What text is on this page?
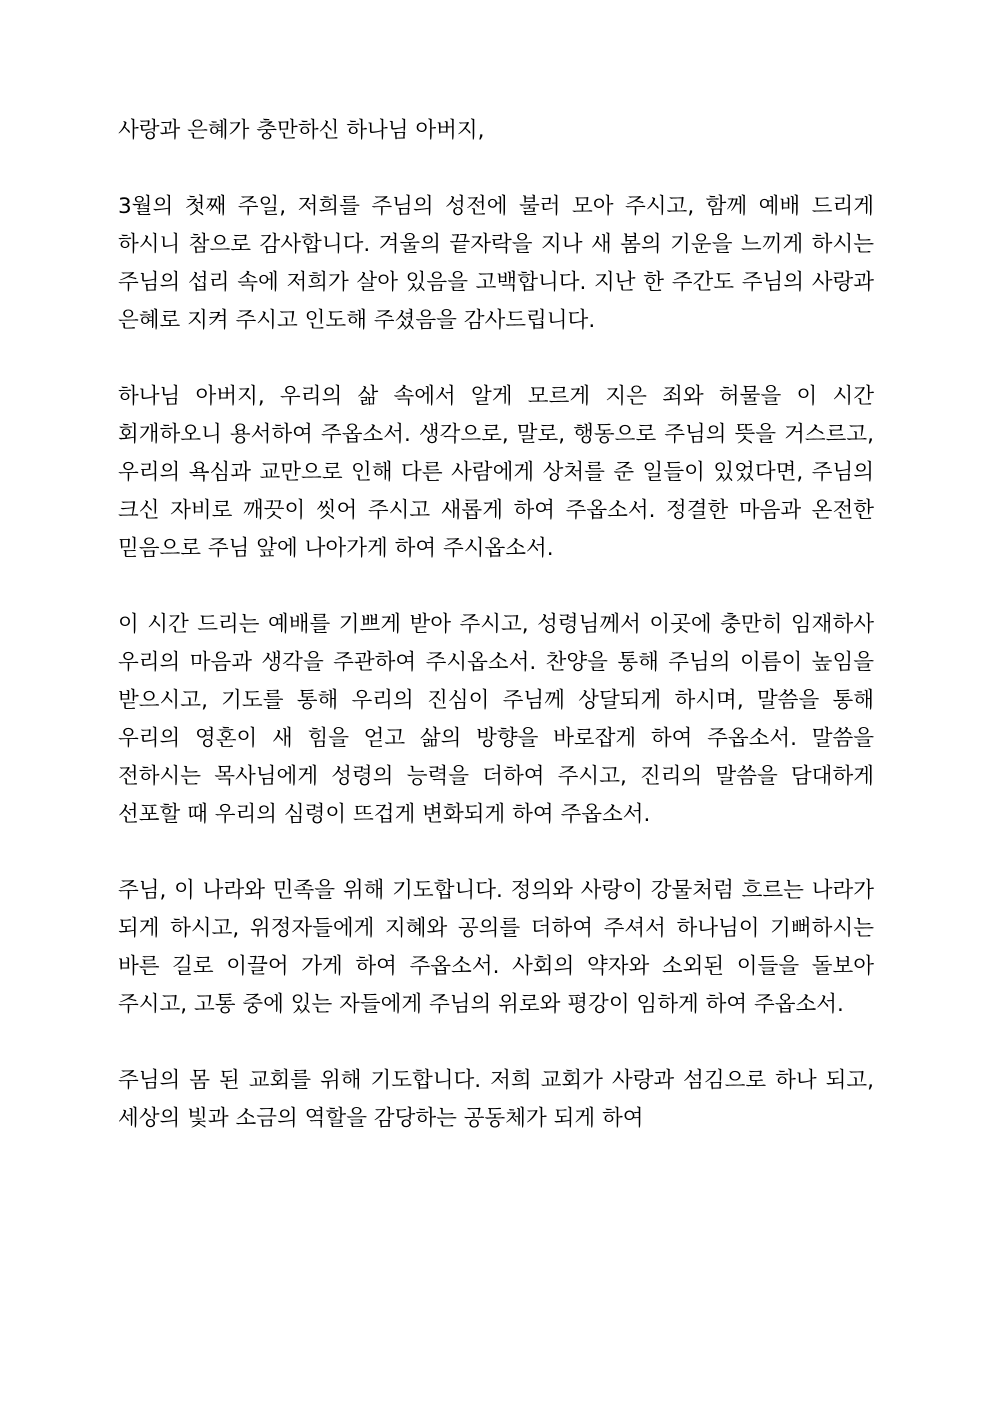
사랑과 은혜가 충만하신 하나님 아버지,

3월의 첫째 주일, 저희를 주님의 성전에 불러 모아 주시고, 함께 예배 드리게 하시니 참으로 감사합니다. 겨울의 끝자락을 지나 새 봄의 기운을 느끼게 하시는 주님의 섭리 속에 저희가 살아 있음을 고백합니다. 지난 한 주간도 주님의 사랑과 은혜로 지켜 주시고 인도해 주셨음을 감사드립니다.

하나님 아버지, 우리의 삶 속에서 알게 모르게 지은 죄와 허물을 이 시간 회개하오니 용서하여 주옵소서. 생각으로, 말로, 행동으로 주님의 뜻을 거스르고, 우리의 욕심과 교만으로 인해 다른 사람에게 상처를 준 일들이 있었다면, 주님의 크신 자비로 깨끗이 씻어 주시고 새롭게 하여 주옵소서. 정결한 마음과 온전한 믿음으로 주님 앞에 나아가게 하여 주시옵소서.

이 시간 드리는 예배를 기쁘게 받아 주시고, 성령님께서 이곳에 충만히 임재하사 우리의 마음과 생각을 주관하여 주시옵소서. 찬양을 통해 주님의 이름이 높임을 받으시고, 기도를 통해 우리의 진심이 주님께 상달되게 하시며, 말씀을 통해 우리의 영혼이 새 힘을 얻고 삶의 방향을 바로잡게 하여 주옵소서. 말씀을 전하시는 목사님에게 성령의 능력을 더하여 주시고, 진리의 말씀을 담대하게 선포할 때 우리의 심령이 뜨겁게 변화되게 하여 주옵소서.

주님, 이 나라와 민족을 위해 기도합니다. 정의와 사랑이 강물처럼 흐르는 나라가 되게 하시고, 위정자들에게 지혜와 공의를 더하여 주셔서 하나님이 기뻐하시는 바른 길로 이끌어 가게 하여 주옵소서. 사회의 약자와 소외된 이들을 돌보아 주시고, 고통 중에 있는 자들에게 주님의 위로와 평강이 임하게 하여 주옵소서.

주님의 몸 된 교회를 위해 기도합니다. 저희 교회가 사랑과 섬김으로 하나 되고, 세상의 빛과 소금의 역할을 감당하는 공동체가 되게 하여
